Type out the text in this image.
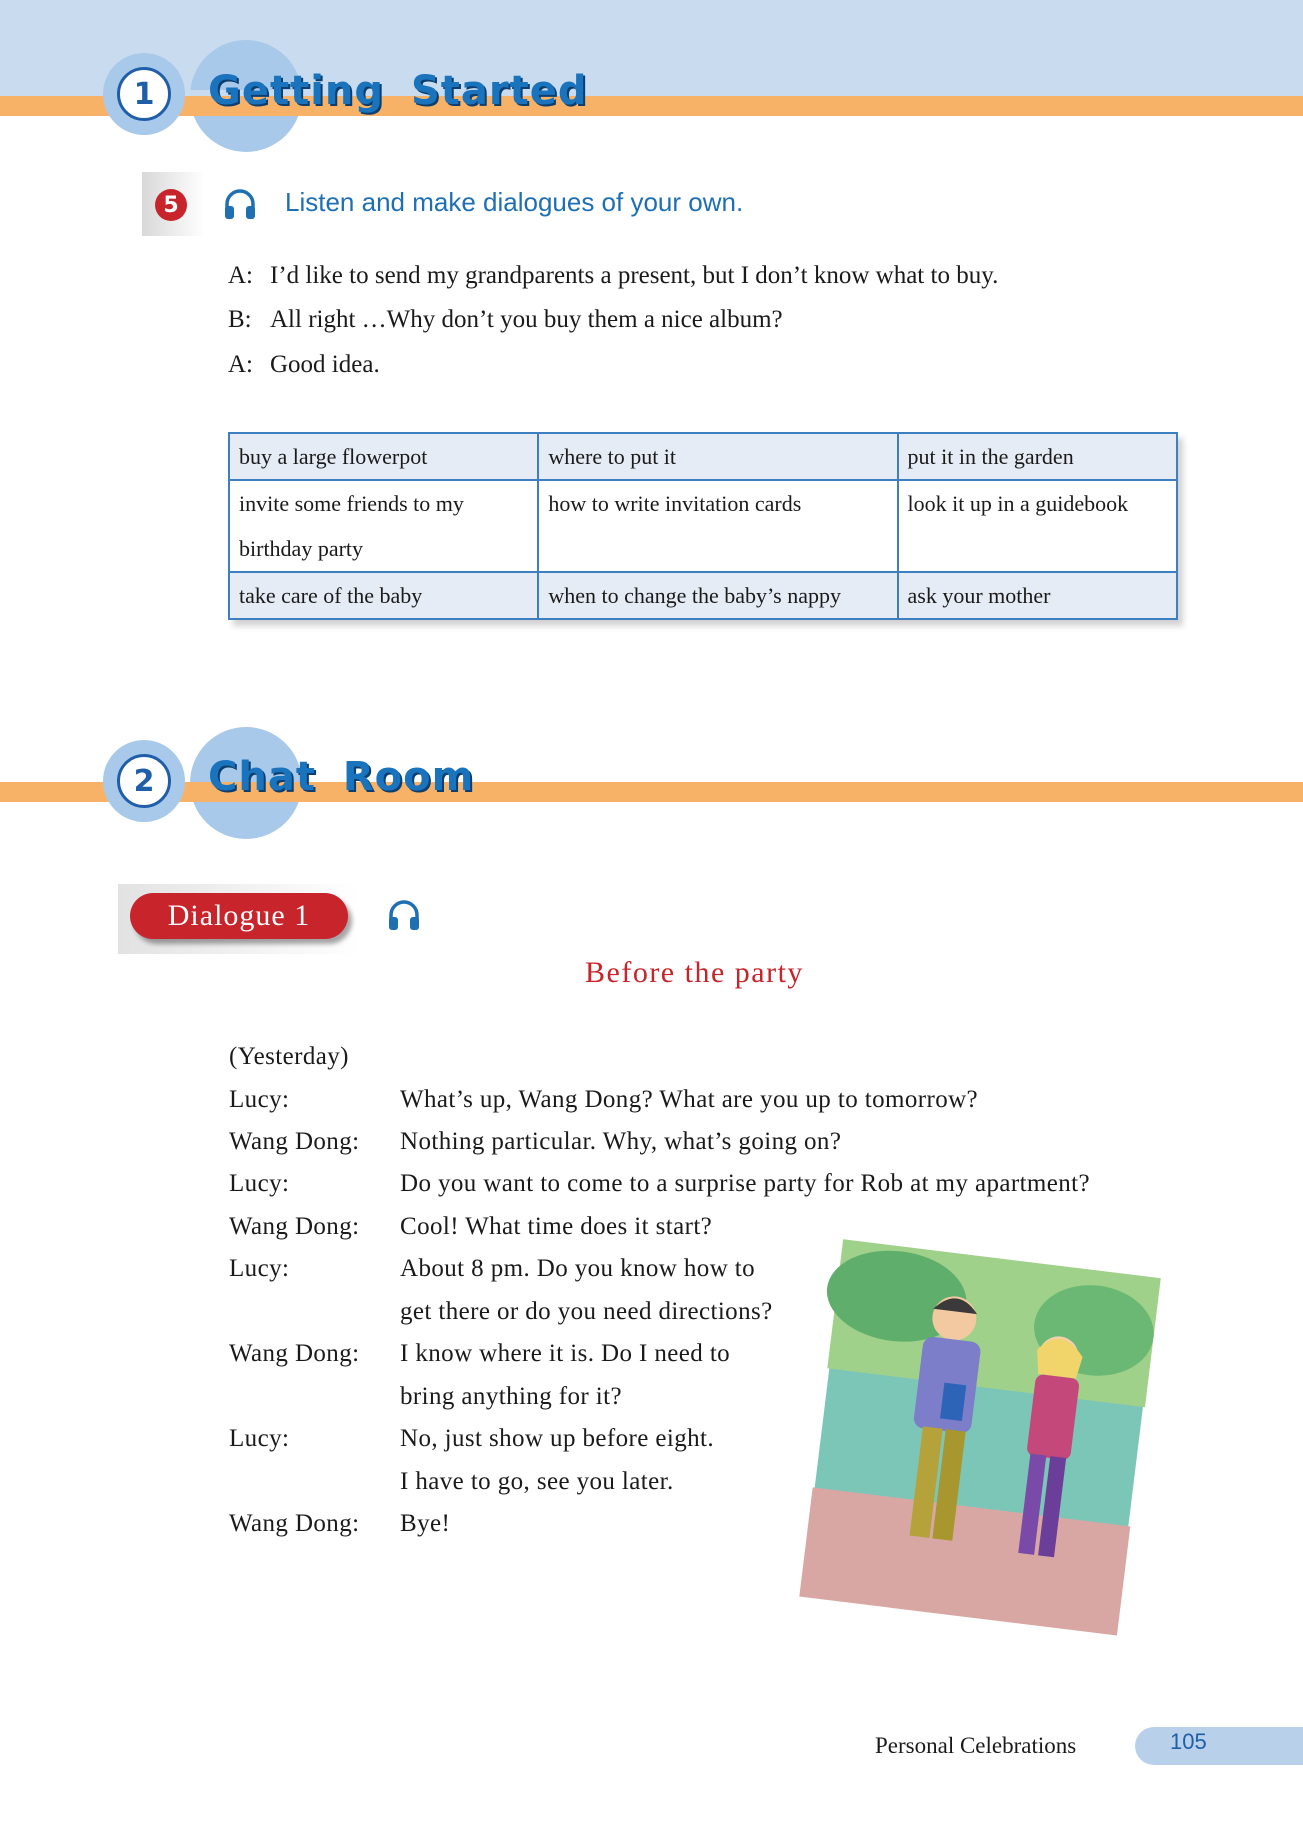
1	Getting Started
5	Listen and make dialogues of your own.
A: I’d like to send my grandparents a present, but I don’t know what to buy.
B: All right …Why don’t you buy them a nice album?
A: Good idea.
buy a large flowerpot	where to put it	put it in the garden
invite some friends to my birthday party	how to write invitation cards	look it up in a guidebook
take care of the baby	when to change the baby’s nappy	ask your mother
2	Chat Room
Dialogue 1
Before the party
(Yesterday)
Lucy:	What’s up, Wang Dong? What are you up to tomorrow?
Wang Dong: Nothing particular. Why, what’s going on?
Lucy:	Do you want to come to a surprise party for Rob at my apartment?
Wang Dong: Cool! What time does it start?
Lucy:	About 8 pm. Do you know how to
get there or do you need directions?
Wang Dong: I know where it is. Do I need to
bring anything for it?
Lucy:	No, just show up before eight.
I have to go, see you later.
Wang Dong: Bye!
Personal Celebrations	105
